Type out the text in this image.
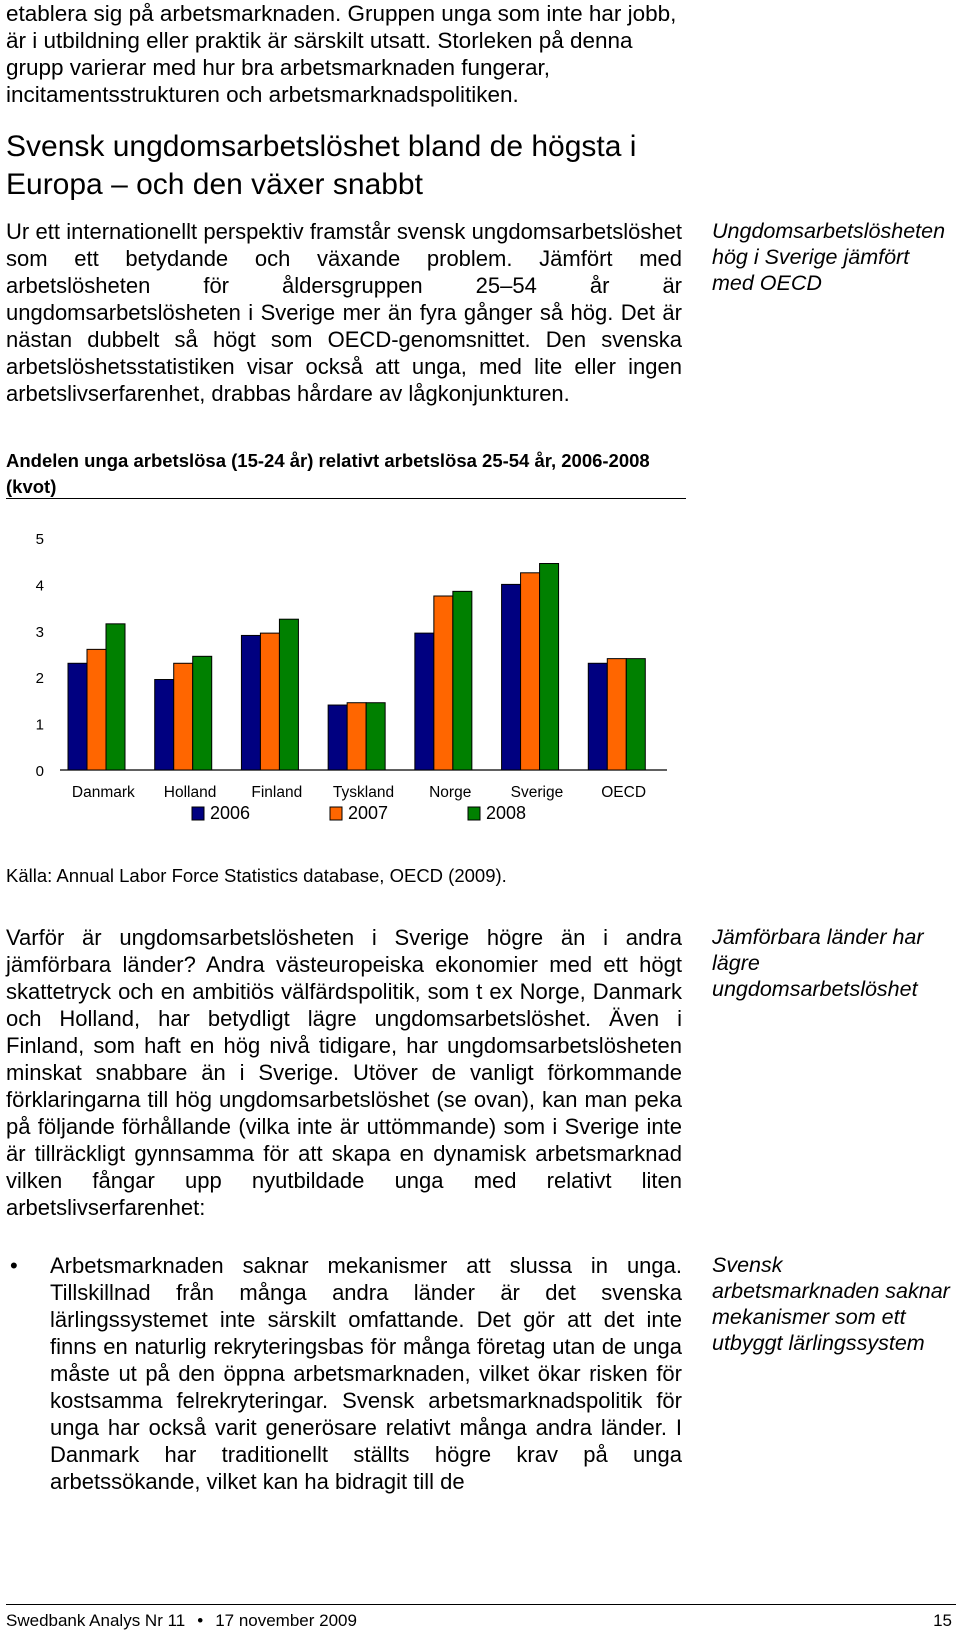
etablera sig på arbetsmarknaden. Gruppen unga som inte har jobb, är i utbildning eller praktik är särskilt utsatt. Storleken på denna grupp varierar med hur bra arbetsmarknaden fungerar, incitamentsstrukturen och arbetsmarknadspolitiken.

Svensk ungdomsarbetslöshet bland de högsta i Europa – och den växer snabbt

Ur ett internationellt perspektiv framstår svensk ungdomsarbetslöshet som ett betydande och växande problem. Jämfört med arbetslösheten för åldersgruppen 25–54 år är ungdomsarbetslösheten i Sverige mer än fyra gånger så hög. Det är nästan dubbelt så högt som OECD-genomsnittet. Den svenska arbetslöshetsstatistiken visar också att unga, med lite eller ingen arbetslivserfarenhet, drabbas hårdare av lågkonjunkturen.

Ungdomsarbetslösheten hög i Sverige jämfört med OECD

Andelen unga arbetslösa (15-24 år) relativt arbetslösa 25-54 år, 2006-2008 (kvot)

0
1
2
3
4
5
Danmark Holland Finland Tyskland Norge	Sverige OECD
2006	2007	2008

Källa: Annual Labor Force Statistics database, OECD (2009).

Varför är ungdomsarbetslösheten i Sverige högre än i andra jämförbara länder? Andra västeuropeiska ekonomier med ett högt skattetryck och en ambitiös välfärdspolitik, som t ex Norge, Danmark och Holland, har betydligt lägre ungdomsarbetslöshet. Även i Finland, som haft en hög nivå tidigare, har ungdomsarbetslösheten minskat snabbare än i Sverige. Utöver de vanligt förkommande förklaringarna till hög ungdomsarbetslöshet (se ovan), kan man peka på följande förhållande (vilka inte är uttömmande) som i Sverige inte är tillräckligt gynnsamma för att skapa en dynamisk arbetsmarknad vilken fångar upp nyutbildade unga med relativt liten arbetslivserfarenhet:

Jämförbara länder har lägre ungdomsarbetslöshet

• Arbetsmarknaden saknar mekanismer att slussa in unga. Tillskillnad från många andra länder är det svenska lärlingssystemet inte särskilt omfattande. Det gör att det inte finns en naturlig rekryteringsbas för många företag utan de unga måste ut på den öppna arbetsmarknaden, vilket ökar risken för kostsamma felrekryteringar. Svensk arbetsmarknadspolitik för unga har också varit generösare relativt många andra länder. I Danmark har traditionellt ställts högre krav på unga arbetssökande, vilket kan ha bidragit till de

Svensk arbetsmarknaden saknar mekanismer som ett utbyggt lärlingssystem

Swedbank Analys Nr 11 • 17 november 2009	15
